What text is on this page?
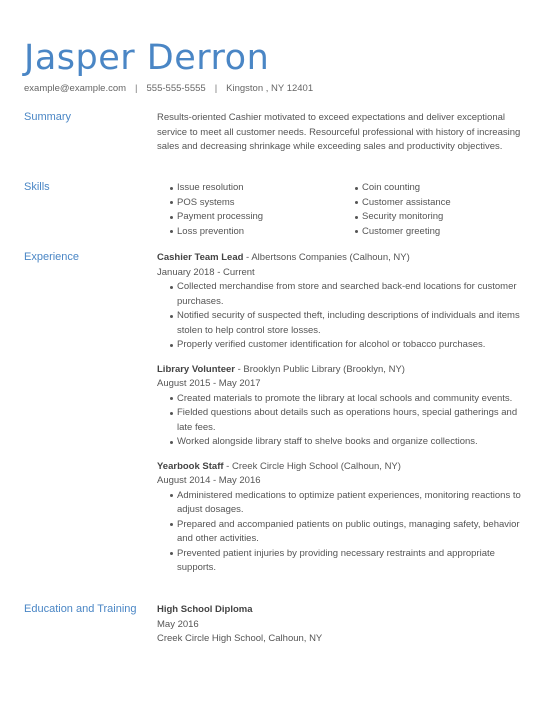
Jasper Derron
example@example.com | 555-555-5555 | Kingston , NY 12401
Summary	Results-oriented Cashier motivated to exceed expectations and deliver exceptional service to meet all customer needs. Resourceful professional with history of increasing sales and decreasing shrinkage while exceeding sales and productivity objectives.

Skills	Issue resolution
POS systems
Payment processing
Loss prevention
Coin counting
Customer assistance
Security monitoring
Customer greeting
Experience	Cashier Team Lead - Albertsons Companies (Calhoun, NY)
January 2018 - Current
Collected merchandise from store and searched back-end locations for customer purchases.
Notified security of suspected theft, including descriptions of individuals and items stolen to help control store losses.
Properly verified customer identification for alcohol or tobacco purchases.
Library Volunteer - Brooklyn Public Library (Brooklyn, NY)
August 2015 - May 2017
Created materials to promote the library at local schools and community events.
Fielded questions about details such as operations hours, special gatherings and late fees.
Worked alongside library staff to shelve books and organize collections.
Yearbook Staff - Creek Circle High School (Calhoun, NY)
August 2014 - May 2016
Administered medications to optimize patient experiences, monitoring reactions to adjust dosages.
Prepared and accompanied patients on public outings, managing safety, behavior and other activities.
Prevented patient injuries by providing necessary restraints and appropriate supports.
Education and Training High School Diploma
May 2016
Creek Circle High School, Calhoun, NY
